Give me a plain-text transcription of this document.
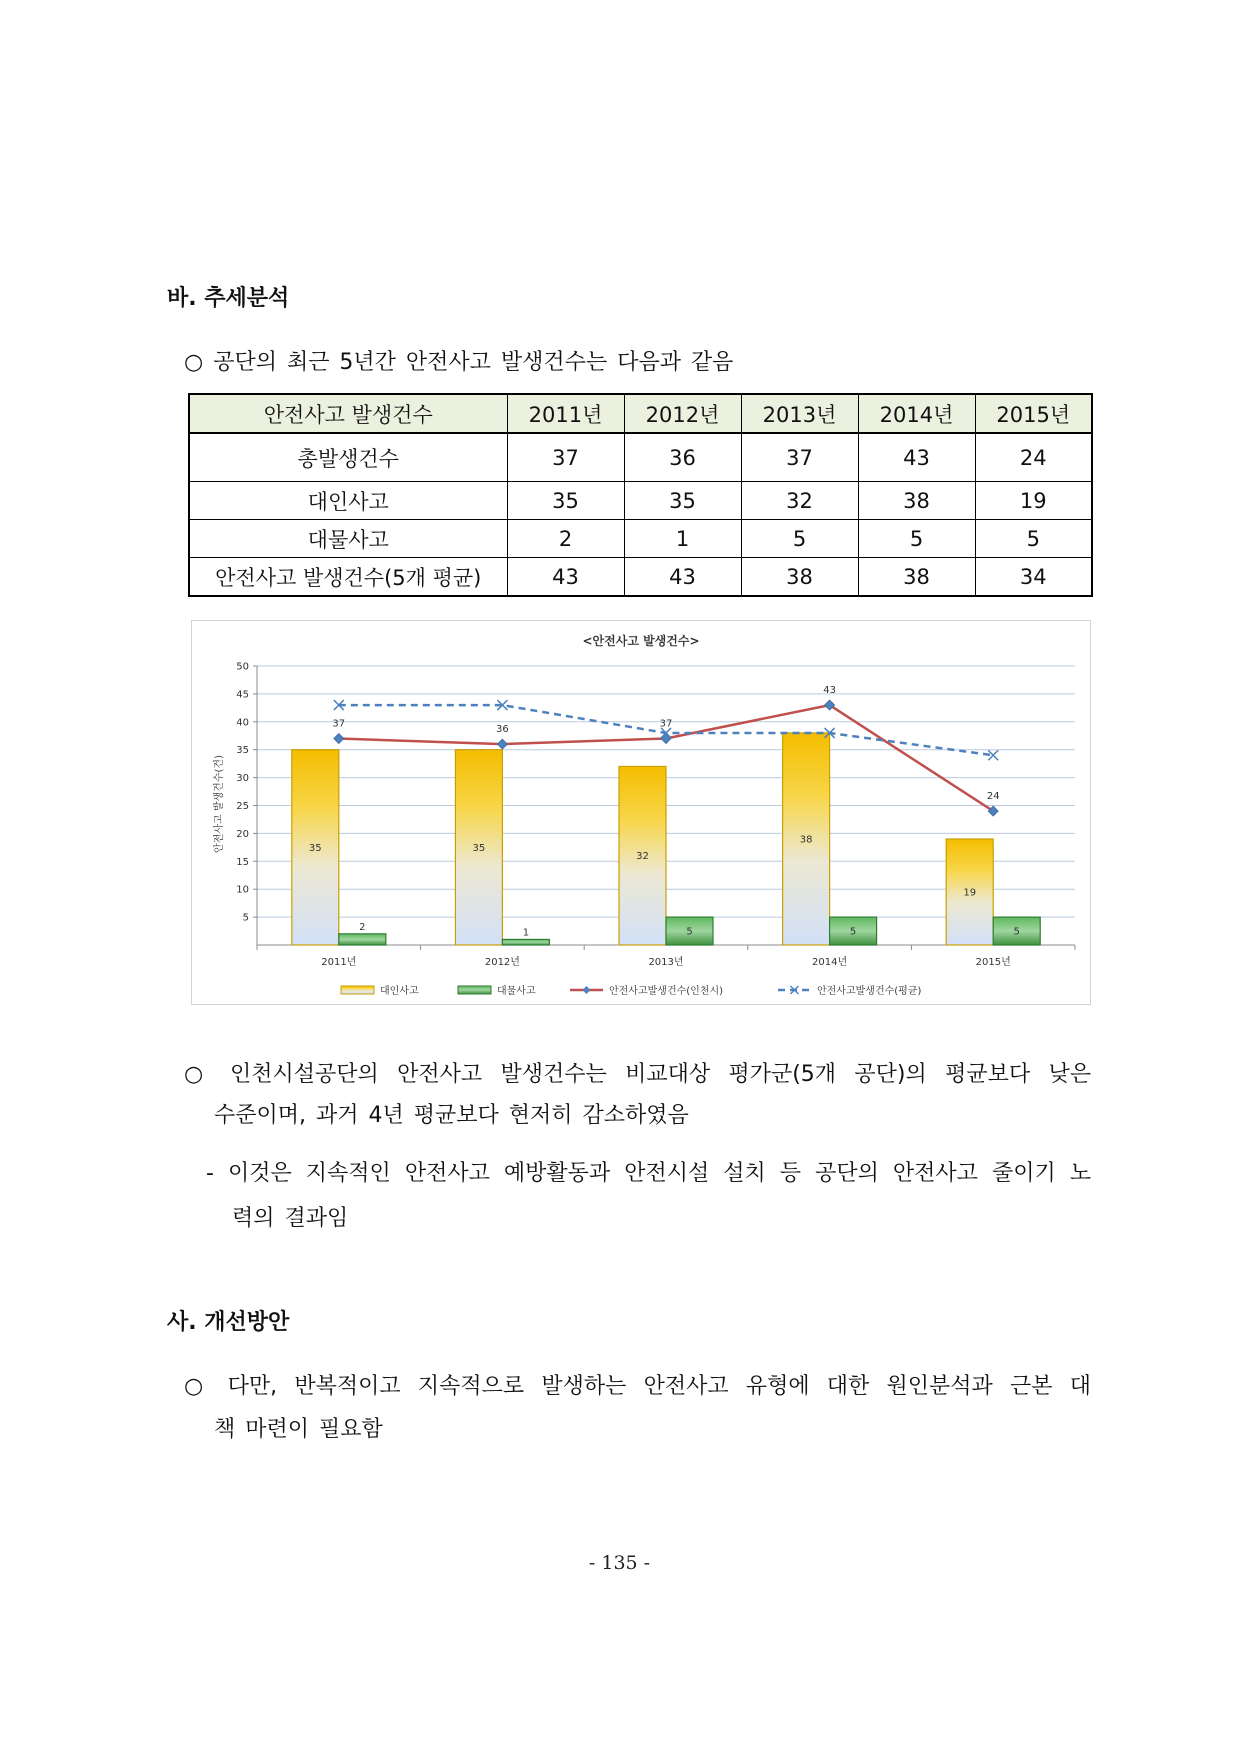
바. 추세분석
○ 공단의 최근 5년간 안전사고 발생건수는 다음과 같음
안전사고 발생건수	2011년	2012년	2013년	2014년	2015년
총발생건수	37	36	37	43	24
대인사고	35	35	32	38	19
대물사고	2	1	5	5	5
안전사고 발생건수(5개 평균)	43	43	38	38	34
<안전사고 발생건수>
안전사고 발생건수(건)
5
10
15
20
25
30
35
40
45
50
2011년	2012년	2013년	2014년	2015년
35	35
32
38
19
2
1	5	5	5
37
36
37
43
24
대인사고	대물사고	안전사고발생건수(인천시)	안전사고발생건수(평균)
○ 인천시설공단의 안전사고 발생건수는 비교대상 평가군(5개 공단)의 평균보다 낮은
수준이며, 과거 4년 평균보다 현저히 감소하였음
- 이것은 지속적인 안전사고 예방활동과 안전시설 설치 등 공단의 안전사고 줄이기 노
력의 결과임
사. 개선방안
○ 다만, 반복적이고 지속적으로 발생하는 안전사고 유형에 대한 원인분석과 근본 대
책 마련이 필요함
- 135 -
